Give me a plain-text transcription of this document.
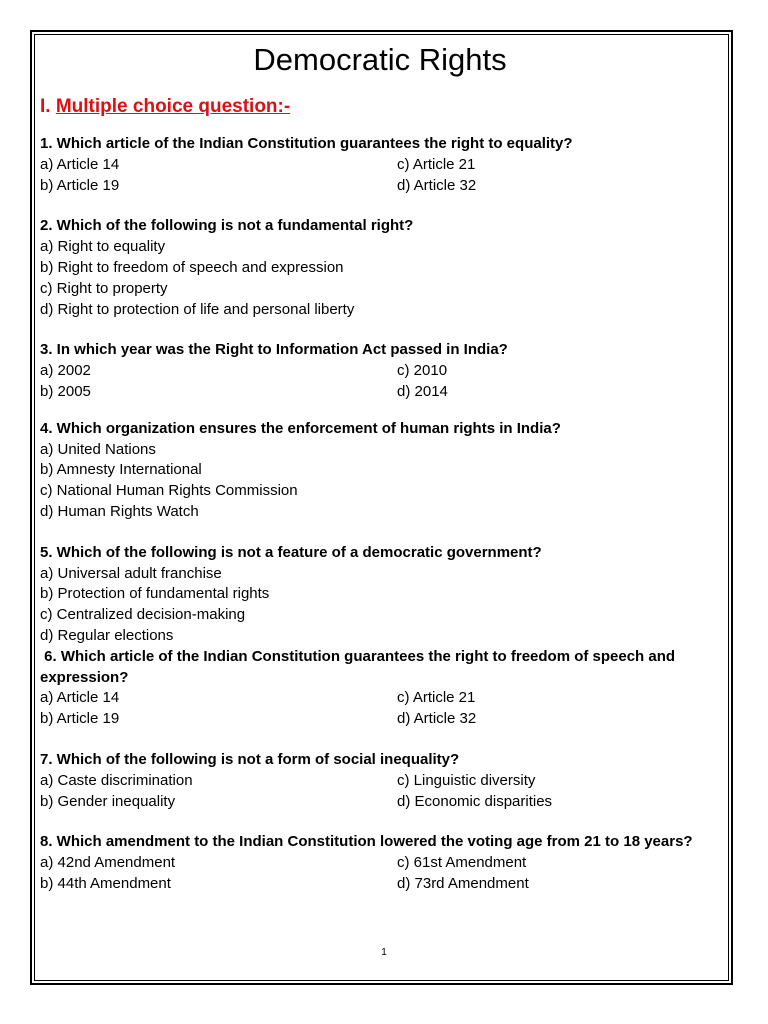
Democratic Rights
I. Multiple choice question:-
1. Which article of the Indian Constitution guarantees the right to equality?
a) Article 14	c) Article 21
b) Article 19	d) Article 32
2. Which of the following is not a fundamental right?
a) Right to equality
b) Right to freedom of speech and expression
c) Right to property
d) Right to protection of life and personal liberty
3. In which year was the Right to Information Act passed in India?
a) 2002	c) 2010
b) 2005	d) 2014
4. Which organization ensures the enforcement of human rights in India?
a) United Nations
b) Amnesty International
c) National Human Rights Commission
d) Human Rights Watch
5. Which of the following is not a feature of a democratic government?
a) Universal adult franchise
b) Protection of fundamental rights
c) Centralized decision-making
d) Regular elections
6. Which article of the Indian Constitution guarantees the right to freedom of speech and expression?
a) Article 14	c) Article 21
b) Article 19	d) Article 32
7. Which of the following is not a form of social inequality?
a) Caste discrimination	c) Linguistic diversity
b) Gender inequality	d) Economic disparities
8. Which amendment to the Indian Constitution lowered the voting age from 21 to 18 years?
a) 42nd Amendment	c) 61st Amendment
b) 44th Amendment	d) 73rd Amendment
1
